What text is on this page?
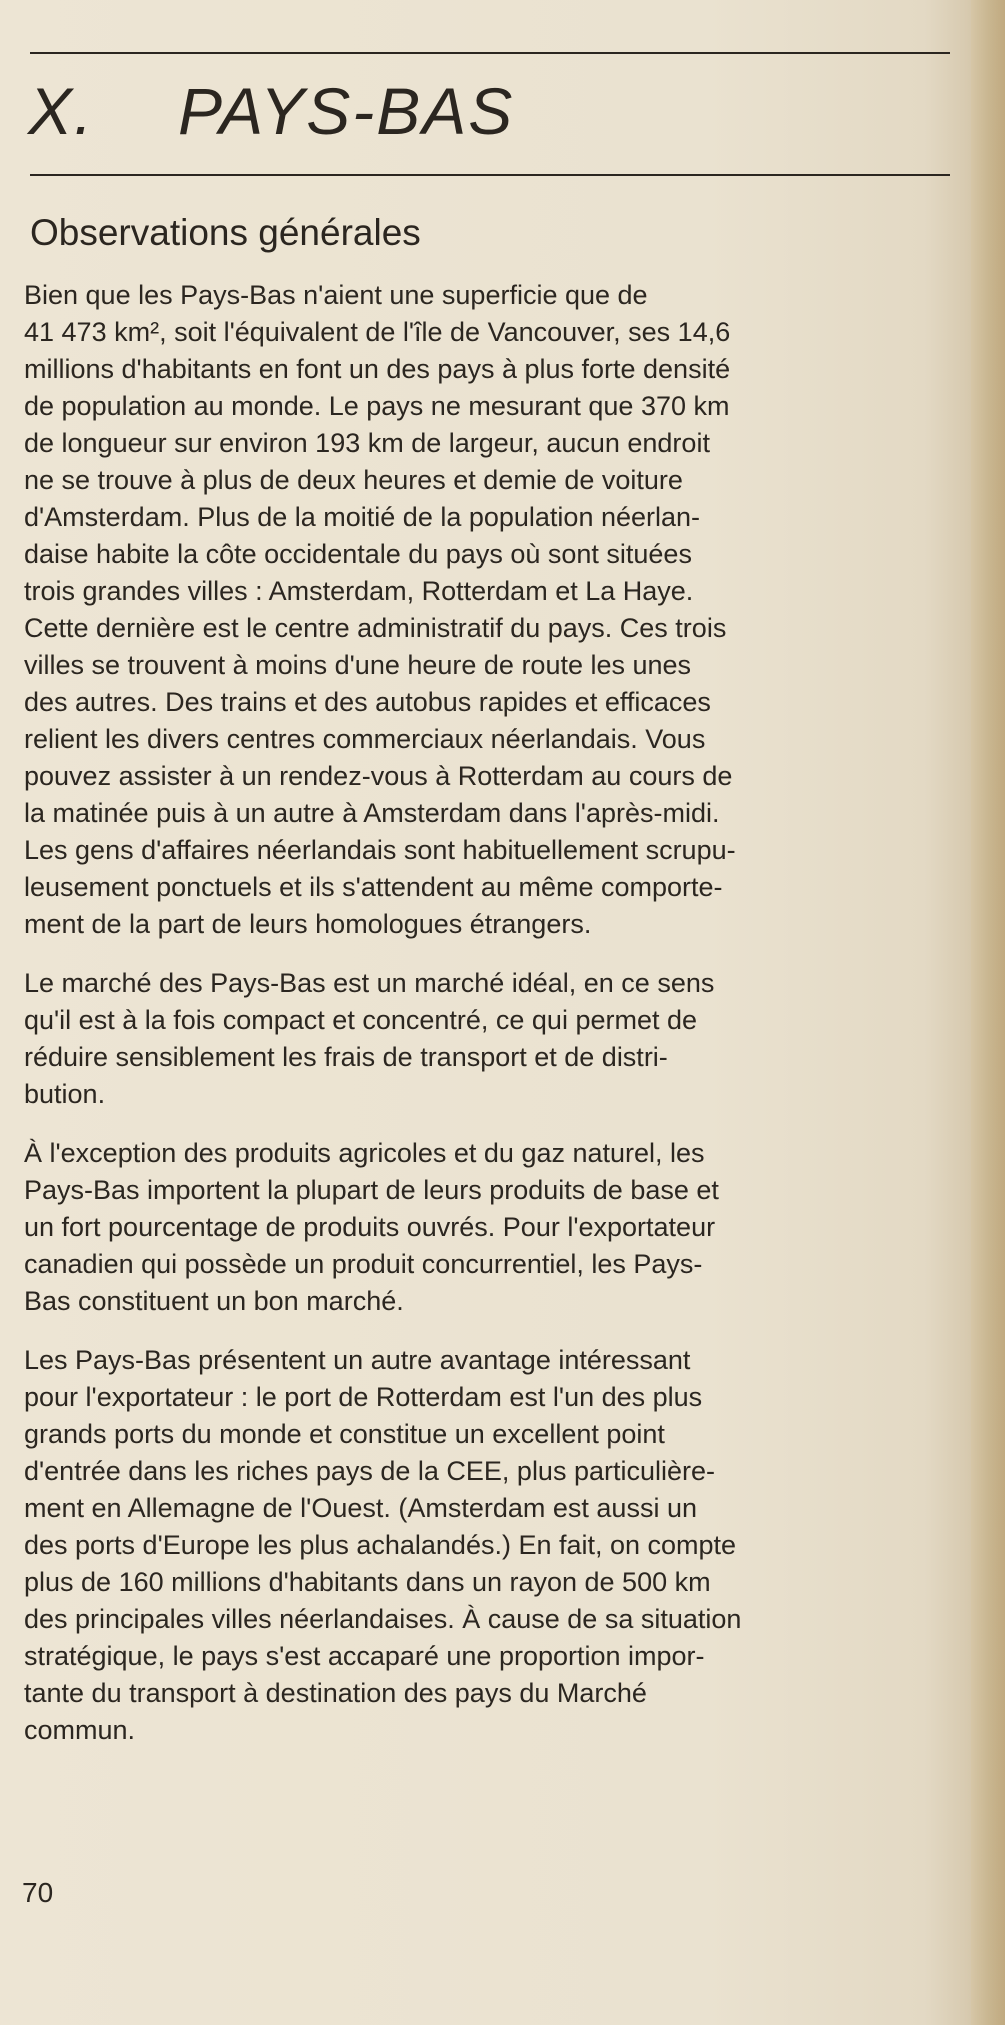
X. PAYS-BAS
Observations générales

Bien que les Pays-Bas n'aient une superficie que de
41 473 km², soit l'équivalent de l'île de Vancouver, ses 14,6
millions d'habitants en font un des pays à plus forte densité
de population au monde. Le pays ne mesurant que 370 km
de longueur sur environ 193 km de largeur, aucun endroit
ne se trouve à plus de deux heures et demie de voiture
d'Amsterdam. Plus de la moitié de la population néerlan-
daise habite la côte occidentale du pays où sont situées
trois grandes villes : Amsterdam, Rotterdam et La Haye.
Cette dernière est le centre administratif du pays. Ces trois
villes se trouvent à moins d'une heure de route les unes
des autres. Des trains et des autobus rapides et efficaces
relient les divers centres commerciaux néerlandais. Vous
pouvez assister à un rendez-vous à Rotterdam au cours de
la matinée puis à un autre à Amsterdam dans l'après-midi.
Les gens d'affaires néerlandais sont habituellement scrupu-
leusement ponctuels et ils s'attendent au même comporte-
ment de la part de leurs homologues étrangers.

Le marché des Pays-Bas est un marché idéal, en ce sens
qu'il est à la fois compact et concentré, ce qui permet de
réduire sensiblement les frais de transport et de distri-
bution.

À l'exception des produits agricoles et du gaz naturel, les
Pays-Bas importent la plupart de leurs produits de base et
un fort pourcentage de produits ouvrés. Pour l'exportateur
canadien qui possède un produit concurrentiel, les Pays-
Bas constituent un bon marché.

Les Pays-Bas présentent un autre avantage intéressant
pour l'exportateur : le port de Rotterdam est l'un des plus
grands ports du monde et constitue un excellent point
d'entrée dans les riches pays de la CEE, plus particulière-
ment en Allemagne de l'Ouest. (Amsterdam est aussi un
des ports d'Europe les plus achalandés.) En fait, on compte
plus de 160 millions d'habitants dans un rayon de 500 km
des principales villes néerlandaises. À cause de sa situation
stratégique, le pays s'est accaparé une proportion impor-
tante du transport à destination des pays du Marché
commun.

70
